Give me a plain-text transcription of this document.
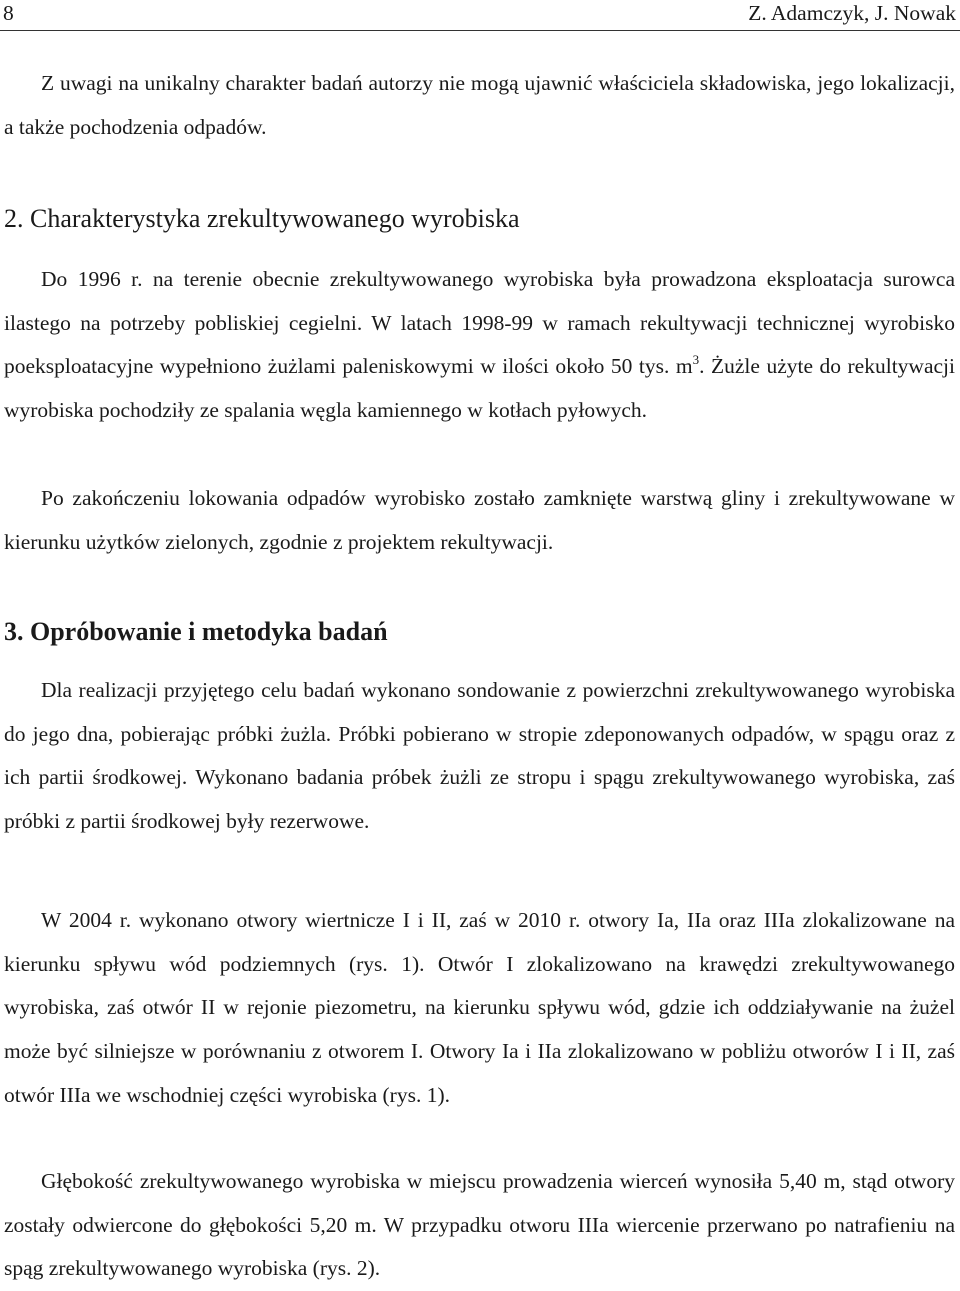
8	Z. Adamczyk, J. Nowak

Z uwagi na unikalny charakter badań autorzy nie mogą ujawnić właściciela składowiska, jego lokalizacji, a także pochodzenia odpadów.

2. Charakterystyka zrekultywowanego wyrobiska

Do 1996 r. na terenie obecnie zrekultywowanego wyrobiska była prowadzona eksploatacja surowca ilastego na potrzeby pobliskiej cegielni. W latach 1998-99 w ramach rekultywacji technicznej wyrobisko poeksploatacyjne wypełniono żużlami paleniskowymi w ilości około 50 tys. $m^3$. Żużle użyte do rekultywacji wyrobiska pochodziły ze spalania węgla kamiennego w kotłach pyłowych.

Po zakończeniu lokowania odpadów wyrobisko zostało zamknięte warstwą gliny i zrekultywowane w kierunku użytków zielonych, zgodnie z projektem rekultywacji.

3. Opróbowanie i metodyka badań

Dla realizacji przyjętego celu badań wykonano sondowanie z powierzchni zrekultywowanego wyrobiska do jego dna, pobierając próbki żużla. Próbki pobierano w stropie zdeponowanych odpadów, w spągu oraz z ich partii środkowej. Wykonano badania próbek żużli ze stropu i spągu zrekultywowanego wyrobiska, zaś próbki z partii środkowej były rezerwowe.

W 2004 r. wykonano otwory wiertnicze I i II, zaś w 2010 r. otwory Ia, IIa oraz IIIa zlokalizowane na kierunku spływu wód podziemnych (rys. 1). Otwór I zlokalizowano na krawędzi zrekultywowanego wyrobiska, zaś otwór II w rejonie piezometru, na kierunku spływu wód, gdzie ich oddziaływanie na żużel może być silniejsze w porównaniu z otworem I. Otwory Ia i IIa zlokalizowano w pobliżu otworów I i II, zaś otwór IIIa we wschodniej części wyrobiska (rys. 1).

Głębokość zrekultywowanego wyrobiska w miejscu prowadzenia wierceń wynosiła 5,40 m, stąd otwory zostały odwiercone do głębokości 5,20 m. W przypadku otworu IIIa wiercenie przerwano po natrafieniu na spąg zrekultywowanego wyrobiska (rys. 2).
